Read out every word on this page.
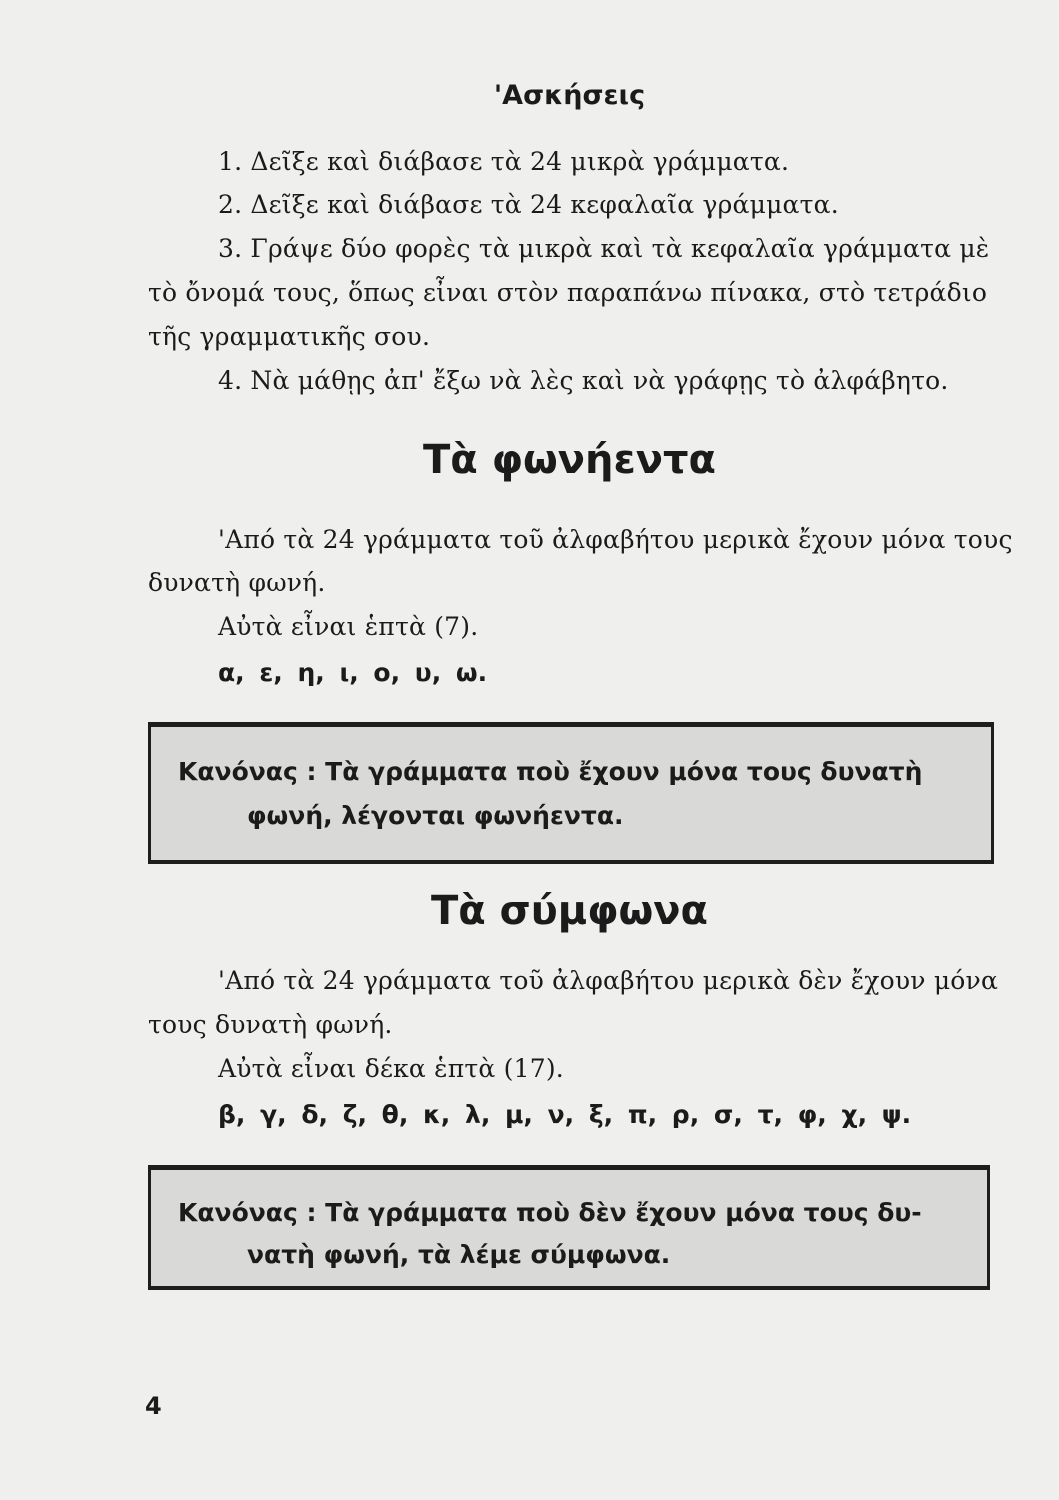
'Ασκήσεις
1. Δεῖξε καὶ διάβασε τὰ 24 μικρὰ γράμματα.
2. Δεῖξε καὶ διάβασε τὰ 24 κεφαλαῖα γράμματα.
3. Γράψε δύο φορὲς τὰ μικρὰ καὶ τὰ κεφαλαῖα γράμματα μὲ
τὸ ὄνομά τους, ὅπως εἶναι στὸν παραπάνω πίνακα, στὸ τετράδιο
τῆς γραμματικῆς σου.
4. Νὰ μάθῃς ἀπ' ἔξω νὰ λὲς καὶ νὰ γράφῃς τὸ ἀλφάβητο.
Τὰ φωνήεντα
'Από τὰ 24 γράμματα τοῦ ἀλφαβήτου μερικὰ ἔχουν μόνα τους
δυνατὴ φωνή.
Αὐτὰ εἶναι ἑπτὰ (7).
α, ε, η, ι, ο, υ, ω.
Κανόνας : Τὰ γράμματα ποὺ ἔχουν μόνα τους δυνατὴ
φωνή, λέγονται φωνήεντα.
Τὰ σύμφωνα
'Από τὰ 24 γράμματα τοῦ ἀλφαβήτου μερικὰ δὲν ἔχουν μόνα
τους δυνατὴ φωνή.
Αὐτὰ εἶναι δέκα ἑπτὰ (17).
β, γ, δ, ζ, θ, κ, λ, μ, ν, ξ, π, ρ, σ, τ, φ, χ, ψ.
Κανόνας : Τὰ γράμματα ποὺ δὲν ἔχουν μόνα τους δυ-
νατὴ φωνή, τὰ λέμε σύμφωνα.
4
